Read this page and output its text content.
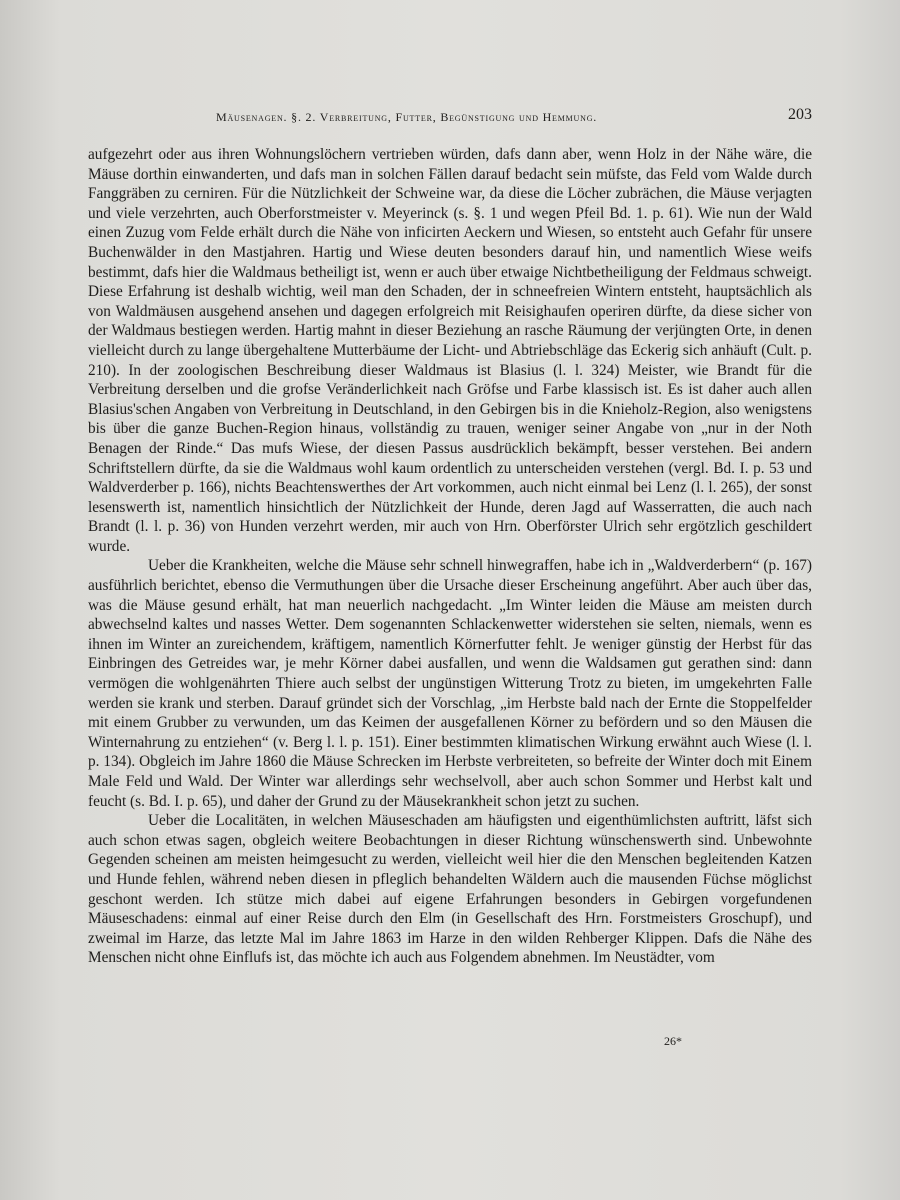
Mäusenagen. §. 2. Verbreitung, Futter, Begünstigung und Hemmung.	203

aufgezehrt oder aus ihren Wohnungslöchern vertrieben würden, dafs dann aber, wenn Holz in der Nähe wäre, die Mäuse dorthin einwanderten, und dafs man in solchen Fällen darauf bedacht sein müfste, das Feld vom Walde durch Fanggräben zu cerniren. Für die Nützlichkeit der Schweine war, da diese die Löcher zubrächen, die Mäuse verjagten und viele verzehrten, auch Oberforstmeister v. Meyerinck (s. §. 1 und wegen Pfeil Bd. 1. p. 61). Wie nun der Wald einen Zuzug vom Felde erhält durch die Nähe von inficirten Aeckern und Wiesen, so entsteht auch Gefahr für unsere Buchenwälder in den Mastjahren. Hartig und Wiese deuten besonders darauf hin, und namentlich Wiese weifs bestimmt, dafs hier die Waldmaus betheiligt ist, wenn er auch über etwaige Nichtbetheiligung der Feldmaus schweigt. Diese Erfahrung ist deshalb wichtig, weil man den Schaden, der in schneefreien Wintern entsteht, hauptsächlich als von Waldmäusen ausgehend ansehen und dagegen erfolgreich mit Reisighaufen operiren dürfte, da diese sicher von der Waldmaus bestiegen werden. Hartig mahnt in dieser Beziehung an rasche Räumung der verjüngten Orte, in denen vielleicht durch zu lange übergehaltene Mutterbäume der Licht- und Abtriebschläge das Eckerig sich anhäuft (Cult. p. 210). In der zoologischen Beschreibung dieser Waldmaus ist Blasius (l. l. 324) Meister, wie Brandt für die Verbreitung derselben und die grofse Veränderlichkeit nach Gröfse und Farbe klassisch ist. Es ist daher auch allen Blasius'schen Angaben von Verbreitung in Deutschland, in den Gebirgen bis in die Knieholz-Region, also wenigstens bis über die ganze Buchen-Region hinaus, vollständig zu trauen, weniger seiner Angabe von „nur in der Noth Benagen der Rinde.“ Das mufs Wiese, der diesen Passus ausdrücklich bekämpft, besser verstehen. Bei andern Schriftstellern dürfte, da sie die Waldmaus wohl kaum ordentlich zu unterscheiden verstehen (vergl. Bd. I. p. 53 und Waldverderber p. 166), nichts Beachtenswerthes der Art vorkommen, auch nicht einmal bei Lenz (l. l. 265), der sonst lesenswerth ist, namentlich hinsichtlich der Nützlichkeit der Hunde, deren Jagd auf Wasserratten, die auch nach Brandt (l. l. p. 36) von Hunden verzehrt werden, mir auch von Hrn. Oberförster Ulrich sehr ergötzlich geschildert wurde.

Ueber die Krankheiten, welche die Mäuse sehr schnell hinwegraffen, habe ich in „Waldverderbern“ (p. 167) ausführlich berichtet, ebenso die Vermuthungen über die Ursache dieser Erscheinung angeführt. Aber auch über das, was die Mäuse gesund erhält, hat man neuerlich nachgedacht. „Im Winter leiden die Mäuse am meisten durch abwechselnd kaltes und nasses Wetter. Dem sogenannten Schlackenwetter widerstehen sie selten, niemals, wenn es ihnen im Winter an zureichendem, kräftigem, namentlich Körnerfutter fehlt. Je weniger günstig der Herbst für das Einbringen des Getreides war, je mehr Körner dabei ausfallen, und wenn die Waldsamen gut gerathen sind: dann vermögen die wohlgenährten Thiere auch selbst der ungünstigen Witterung Trotz zu bieten, im umgekehrten Falle werden sie krank und sterben. Darauf gründet sich der Vorschlag, „im Herbste bald nach der Ernte die Stoppelfelder mit einem Grubber zu verwunden, um das Keimen der ausgefallenen Körner zu befördern und so den Mäusen die Winternahrung zu entziehen“ (v. Berg l. l. p. 151). Einer bestimmten klimatischen Wirkung erwähnt auch Wiese (l. l. p. 134). Obgleich im Jahre 1860 die Mäuse Schrecken im Herbste verbreiteten, so befreite der Winter doch mit Einem Male Feld und Wald. Der Winter war allerdings sehr wechselvoll, aber auch schon Sommer und Herbst kalt und feucht (s. Bd. I. p. 65), und daher der Grund zu der Mäusekrankheit schon jetzt zu suchen.

Ueber die Localitäten, in welchen Mäuseschaden am häufigsten und eigenthümlichsten auftritt, läfst sich auch schon etwas sagen, obgleich weitere Beobachtungen in dieser Richtung wünschenswerth sind. Unbewohnte Gegenden scheinen am meisten heimgesucht zu werden, vielleicht weil hier die den Menschen begleitenden Katzen und Hunde fehlen, während neben diesen in pfleglich behandelten Wäldern auch die mausenden Füchse möglichst geschont werden. Ich stütze mich dabei auf eigene Erfahrungen besonders in Gebirgen vorgefundenen Mäuseschadens: einmal auf einer Reise durch den Elm (in Gesellschaft des Hrn. Forstmeisters Groschupf), und zweimal im Harze, das letzte Mal im Jahre 1863 im Harze in den wilden Rehberger Klippen. Dafs die Nähe des Menschen nicht ohne Einflufs ist, das möchte ich auch aus Folgendem abnehmen. Im Neustädter, vom

26*
